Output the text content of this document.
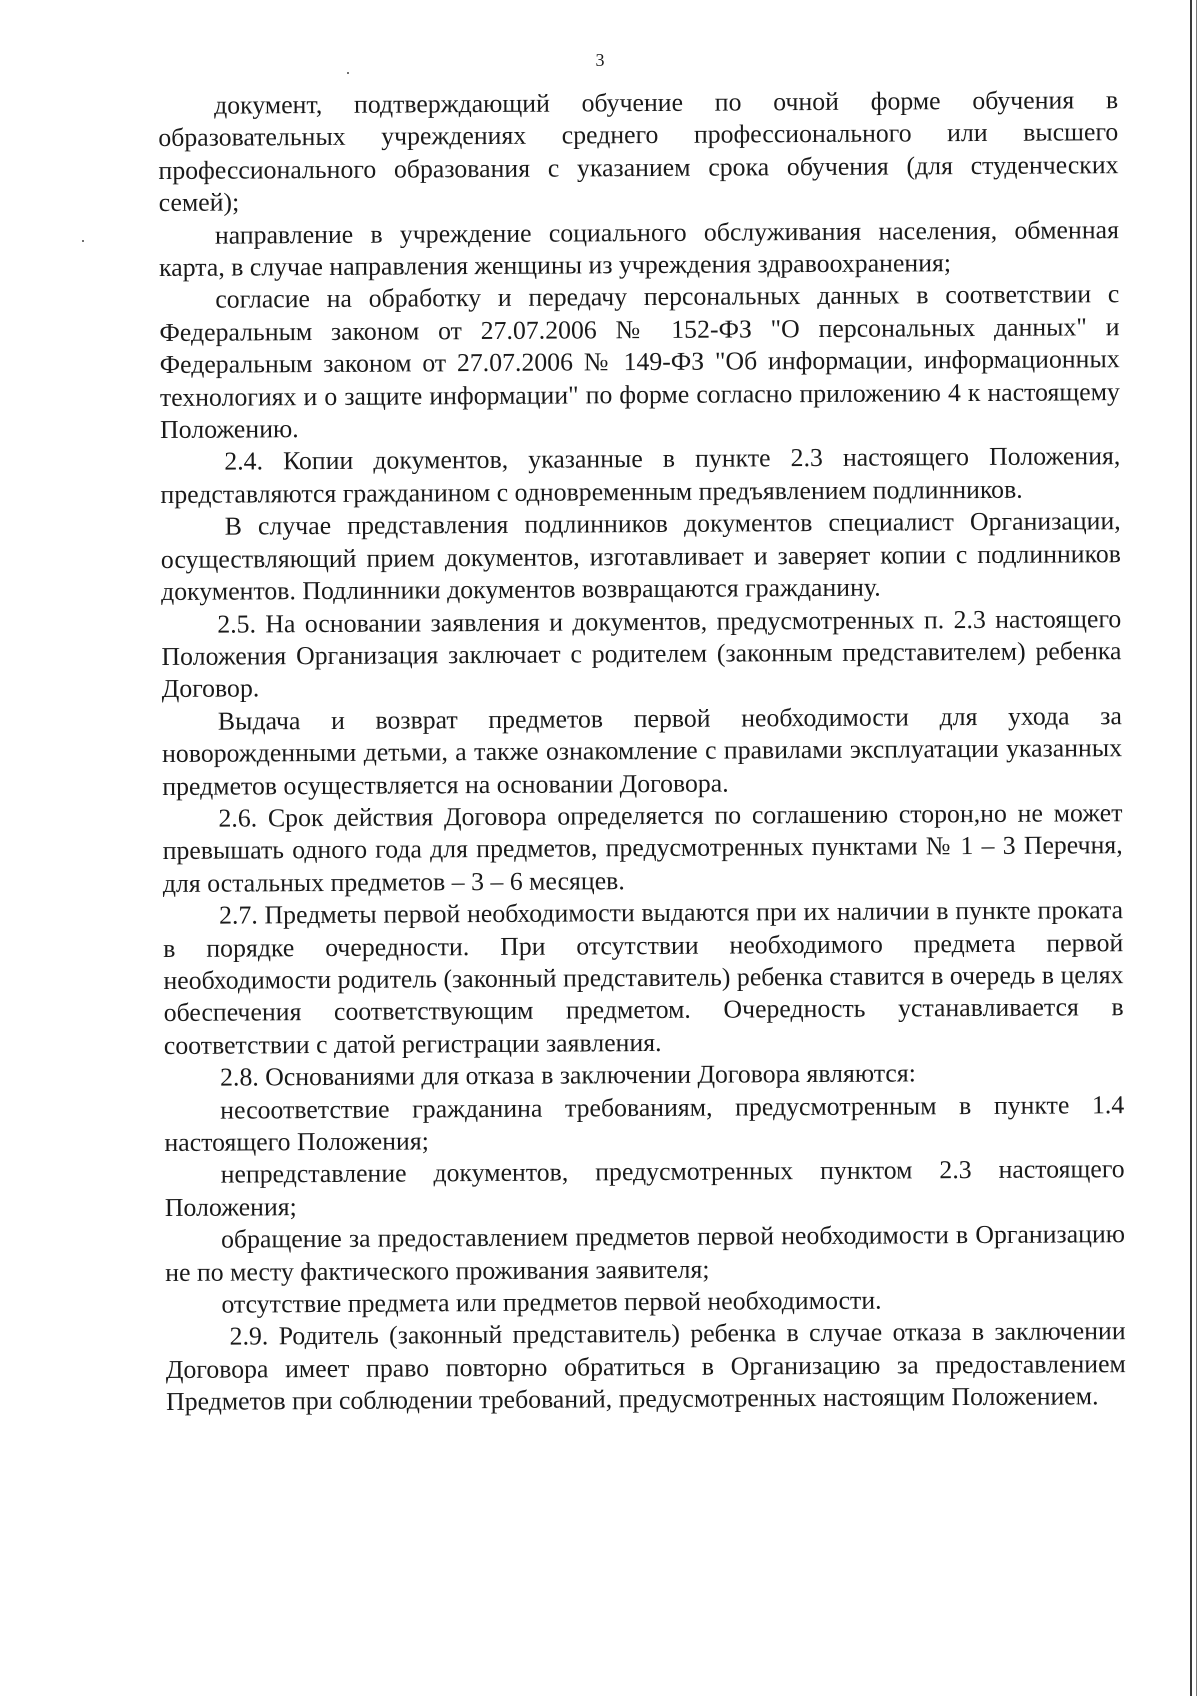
3

документ, подтверждающий обучение по очной форме обучения в образовательных учреждениях среднего профессионального или высшего профессионального образования с указанием срока обучения (для студенческих семей);

направление в учреждение социального обслуживания населения, обменная карта, в случае направления женщины из учреждения здравоохранения;

согласие на обработку и передачу персональных данных в соответствии с Федеральным законом от 27.07.2006 № 152-ФЗ "О персональных данных" и Федеральным законом от 27.07.2006 № 149-ФЗ "Об информации, информационных технологиях и о защите информации" по форме согласно приложению 4 к настоящему Положению.

2.4. Копии документов, указанные в пункте 2.3 настоящего Положения, представляются гражданином с одновременным предъявлением подлинников.

В случае представления подлинников документов специалист Организации, осуществляющий прием документов, изготавливает и заверяет копии с подлинников документов. Подлинники документов возвращаются гражданину.

2.5. На основании заявления и документов, предусмотренных п. 2.3 настоящего Положения Организация заключает с родителем (законным представителем) ребенка Договор.

Выдача и возврат предметов первой необходимости для ухода за новорожденными детьми, а также ознакомление с правилами эксплуатации указанных предметов осуществляется на основании Договора.

2.6. Срок действия Договора определяется по соглашению сторон,но не может превышать одного года для предметов, предусмотренных пунктами № 1 – 3 Перечня, для остальных предметов – 3 – 6 месяцев.

2.7. Предметы первой необходимости выдаются при их наличии в пункте проката в порядке очередности. При отсутствии необходимого предмета первой необходимости родитель (законный представитель) ребенка ставится в очередь в целях обеспечения соответствующим предметом. Очередность устанавливается в соответствии с датой регистрации заявления.

2.8. Основаниями для отказа в заключении Договора являются:

несоответствие гражданина требованиям, предусмотренным в пункте 1.4 настоящего Положения;

непредставление документов, предусмотренных пунктом 2.3 настоящего Положения;

обращение за предоставлением предметов первой необходимости в Организацию не по месту фактического проживания заявителя;

отсутствие предмета или предметов первой необходимости.

2.9. Родитель (законный представитель) ребенка в случае отказа в заключении Договора имеет право повторно обратиться в Организацию за предоставлением Предметов при соблюдении требований, предусмотренных настоящим Положением.
